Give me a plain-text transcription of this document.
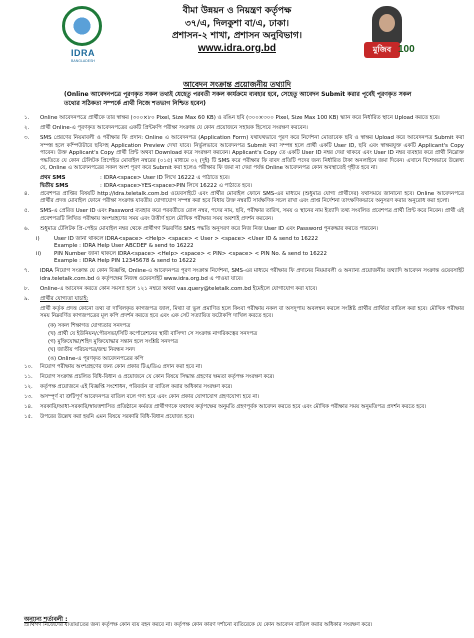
IDRA
BANGLADESH
বীমা উন্নয়ন ও নিয়ন্ত্রণ কর্তৃপক্ষ
৩৭/এ, দিলকুশা বা/এ, ঢাকা।
প্রশাসন-২ শাখা, প্রশাসন অনুবিভাগ।
www.idra.org.bd	মুজিব 100
আবেদন সংক্রান্ত প্রয়োজনীয় তথ্যাদি
(Online আবেদনপত্রে পূরণকৃত সকল তথ্যই যেহেতু পরবর্তী সকল কার্যক্রমে ব্যবহার হবে, সেহেতু আবেদন Submit করার পূর্বেই পূরণকৃত সকল তথ্যের সঠিকতা সম্পর্কে প্রার্থী নিজে শতভাগ নিশ্চিত হবেন)
১.	Online আবেদনপত্রে প্রার্থীকে তার স্বাক্ষর (৩০০×৮০ Pixel, Size Max 60 KB) ও রঙিন ছবি (৩০০×৩০০ Pixel, Size Max 100 KB) স্ক্যান করে নির্ধারিত স্থানে Upload করতে হবে।
২.	প্রার্থী Online-এ পূরণকৃত আবেদনপত্রের একটি প্রিন্টকপি পরীক্ষা সংক্রান্ত যে কোন প্রয়োজনে সহায়ক হিসেবে সংরক্ষণ করবেন।
৩.	SMS প্রেরণের নিয়মাবলী ও পরীক্ষার ফি প্রদান: Online এ আবেদনপত্র (Application Form) যথাযথভাবে পূরণ করে নির্দেশনা মোতাবেক ছবি ও স্বাক্ষর Upload করে আবেদনপত্র Submit করা সম্পন্ন হলে কম্পিউটারে ছবিসহ Application Preview দেখা যাবে। নির্ভুলভাবে আবেদনপত্র Submit করা সম্পন্ন হলে প্রার্থী একটি User ID, ছবি এবং স্বাক্ষরযুক্ত একটি Applicant's Copy পাবেন। উক্ত Applicant's Copy প্রার্থী প্রিন্ট অথবা Download করে সংরক্ষণ করবেন। Applicant's Copy তে একটি User ID নম্বর দেয়া থাকবে এবং User ID নম্বর ব্যবহার করে প্রার্থী নিম্নোক্ত পদ্ধতিতে যে কোন টেলিটক প্রিপেইড মোবাইল নম্বরের (০১৫) মাধ্যমে ০২ (দুই) টি SMS করে পরীক্ষার ফি বাবদ প্রতিটি পদের জন্য নির্ধারিত টাকা অনলাইনে জমা দিবেন। এখানে বিশেষভাবে উল্লেখ্য যে, Online এ আবেদনপত্রের সকল অংশ পূরণ করে Submit করা হলেও পরীক্ষার ফি জমা না দেয়া পর্যন্ত Online আবেদনপত্র কোন অবস্থাতেই গৃহীত হবে না।
প্রথম SMS	: IDRA<space> User ID লিখে 16222 এ পাঠাতে হবে।
দ্বিতীয় SMS	: IDRA<space>YES<space>PIN লিখে 16222 এ পাঠাতে হবে।
৪.	প্রবেশপত্র প্রাপ্তির বিষয়টি http://idra.teletalk.com.bd ওয়েবসাইটে এবং প্রার্থীর মোবাইল ফোনে SMS-এর মাধ্যমে (শুধুমাত্র যোগ্য প্রার্থীদের) যথাসময়ে জানানো হবে। Online আবেদনপত্রে প্রার্থীর প্রদত্ত মোবাইল ফোনে পরীক্ষা সংক্রান্ত যাবতীয় যোগাযোগ সম্পন্ন করা হবে বিধায় উক্ত নম্বরটি সার্বক্ষণিক সচল রাখা এবং প্রাপ্ত নির্দেশনা তাৎক্ষণিকভাবে অনুসরণ করার অনুরোধ করা হলো।
৫.	SMS-এ প্রেরিত User ID এবং Password ব্যবহার করে পরবর্তীতে রোল নম্বর, পদের নাম, ছবি, পরীক্ষার তারিখ, সময় ও স্থানের নাম ইত্যাদি তথ্য সংবলিত প্রবেশপত্র প্রার্থী প্রিন্ট করে নিবেন। প্রার্থী এই প্রবেশপত্রটি লিখিত পরীক্ষায় অংশগ্রহণের সময় এবং উত্তীর্ণ হলে মৌখিক পরীক্ষার সময় অবশ্যই প্রদর্শন করবেন।
৬.	শুধুমাত্র টেলিটক প্রি-পেইড মোবাইল নম্বর থেকে প্রার্থীগণ নিম্নবর্ণিত SMS পদ্ধতি অনুসরণ করে নিজ নিজ User ID এবং Password পুনরুদ্ধার করতে পারবেন।
i)	User ID জানা থাকলে IDRA<space> <Help> <space> < User > <space> <User ID & send to 16222
Example : IDRA Help User ABCDEF & send to 16222
ii) PIN Number জানা থাকলে IDRA<space> <Help> <space> < PIN> <space> < PIN No. & send to 16222
Example : IDRA Help PIN 12345678 & send to 16222
৭.	IDRA নিয়োগ সংক্রান্ত যে কোন বিজ্ঞপ্তি, Online-এ আবেদনপত্র পূরণ সংক্রান্ত নির্দেশনা, SMS-এর মাধ্যমে পরীক্ষার ফি প্রদানের নিয়মাবলী ও অন্যান্য প্রয়োজনীয় তথ্যাদি আবেদন সংক্রান্ত ওয়েবসাইট idra.teletalk.com.bd ও কর্তৃপক্ষের নিজস্ব ওয়েবসাইট www.idra.org.bd এ পাওয়া যাবে।
৮.	Online-এ আবেদন করতে কোন সমস্যা হলে ১২১ নম্বরে অথবা vas.query@teletalk.com.bd ইমেইলে যোগাযোগ করা যাবে।
৯.	প্রার্থীর যোগ্যতা যাচাই:
প্রার্থী কর্তৃক প্রদত্ত কোনো তথ্য বা দাখিলকৃত কাগজপত্র জাল, মিথ্যা বা ভুল প্রমাণিত হলে কিংবা পরীক্ষায় নকল বা অসদুপায় অবলম্বন করলে সংশ্লিষ্ট প্রার্থীর প্রার্থিতা বাতিল করা হবে। মৌখিক পরীক্ষার সময় নিম্নবর্ণিত কাগজপত্রের মূল কপি প্রদর্শন করতে হবে এবং এক সেট সত্যায়িত ফটোকপি দাখিল করতে হবে।
(ক) সকল শিক্ষাগত যোগ্যতার সনদপত্র
(খ) প্রার্থী যে ইউনিয়ন/পৌরসভা/সিটি কর্পোরেশনের স্থায়ী বাসিন্দা সে সংক্রান্ত নাগরিকত্বের সনদপত্র
(গ) মুক্তিযোদ্ধা/শহিদ মুক্তিযোদ্ধার সন্তান হলে সংশ্লিষ্ট সনদপত্র
(ঘ) জাতীয় পরিচয়পত্র/জন্ম নিবন্ধন সনদ
(ঙ) Online-এ পূরণকৃত আবেদনপত্রের কপি
১০.	নিয়োগ পরীক্ষায় অংশগ্রহণের জন্য কোন প্রকার টিএ/ডিএ প্রদান করা হবে না।
১১.	নিয়োগ সংক্রান্ত প্রচলিত বিধি-বিধান ও প্রয়োজনে যে কোন বিষয়ে সিদ্ধান্ত গ্রহণের ক্ষমতা কর্তৃপক্ষ সংরক্ষণ করে।
১২.	কর্তৃপক্ষ প্রয়োজনে এই বিজ্ঞপ্তি সংশোধন, পরিবর্তন বা বাতিল করার অধিকার সংরক্ষণ করে।
১৩.	অসম্পূর্ণ বা ত্রুটিপূর্ণ আবেদনপত্র বাতিল বলে গণ্য হবে এবং কোন প্রকার যোগাযোগ গ্রহণযোগ্য হবে না।
১৪.	সরকারি/আধা-সরকারি/স্বায়ত্তশাসিত প্রতিষ্ঠানে কর্মরত প্রার্থীগণকে যথাযথ কর্তৃপক্ষের অনুমতি গ্রহণপূর্বক আবেদন করতে হবে এবং মৌখিক পরীক্ষার সময় অনুমতিপত্র প্রদর্শন করতে হবে।
১৫.	উপরের উল্লেখ করা হয়নি এমন বিষয়ে সরকারি বিধি-বিধান প্রযোজ্য হবে।
অন্যান্য শর্তাবলী :
প্রার্থিগণ নিজেদের যাতায়াতের জন্য কর্তৃপক্ষ কোন ব্যয় বহন করবে না। কর্তৃপক্ষ কোন কারণ দর্শানো ব্যতিরেকে যে কোন আবেদন বাতিল করার অধিকার সংরক্ষণ করে।
